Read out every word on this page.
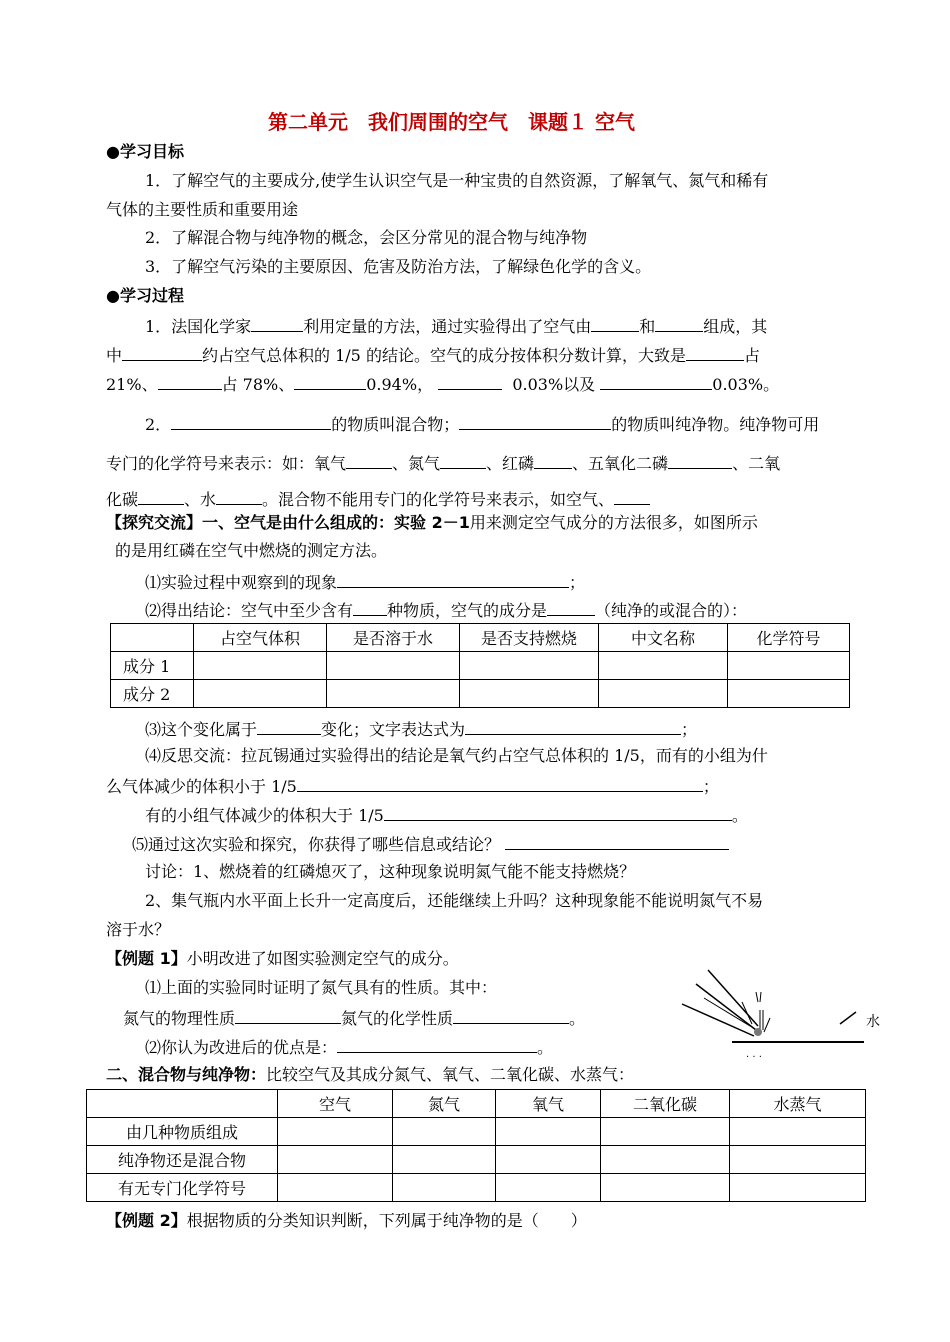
第二单元　我们周围的空气　课题１ 空气
●学习目标
1．了解空气的主要成分,使学生认识空气是一种宝贵的自然资源，了解氧气、氮气和稀有
气体的主要性质和重要用途
2．了解混合物与纯净物的概念，会区分常见的混合物与纯净物
3．了解空气污染的主要原因、危害及防治方法，了解绿色化学的含义。
●学习过程
1．法国化学家	利用定量的方法，通过实验得出了空气由	和	组成，其
中	约占空气总体积的 1/5 的结论。空气的成分按体积分数计算，大致是	占
21%、	占 78%、	0.94%，	0.03%以及	0.03%。
2．	的物质叫混合物；	的物质叫纯净物。纯净物可用
专门的化学符号来表示：如：氧气	、氮气	、红磷 、五氧化二磷	、二氧
化碳	、水	。混合物不能用专门的化学符号来表示，如空气、
【探究交流】一、空气是由什么组成的：实验 2－1用来测定空气成分的方法很多，如图所示
的是用红磷在空气中燃烧的测定方法。
⑴实验过程中观察到的现象	；
⑵得出结论：空气中至少含有 种物质，空气的成分是	（纯净的或混合的）：
	占空气体积	是否溶于水	是否支持燃烧	中文名称	化学符号
成分 1					
成分 2					
⑶这个变化属于	变化；文字表达式为	；
⑷反思交流：拉瓦锡通过实验得出的结论是氧气约占空气总体积的 1/5，而有的小组为什
么气体减少的体积小于 1/5	；
有的小组气体减少的体积大于 1/5	。
⑸通过这次实验和探究，你获得了哪些信息或结论？
讨论：1、燃烧着的红磷熄灭了，这种现象说明氮气能不能支持燃烧？
2、集气瓶内水平面上长升一定高度后，还能继续上升吗？这种现象能不能说明氮气不易
溶于水？
【例题 1】小明改进了如图实验测定空气的成分。
⑴上面的实验同时证明了氮气具有的性质。其中：
氮气的物理性质	氮气的化学性质	。
⑵你认为改进后的优点是：	。
· · ·
水
二、混合物与纯净物：比较空气及其成分氮气、氧气、二氧化碳、水蒸气：
	空气	氮气	氧气	二氧化碳	水蒸气
由几种物质组成					
纯净物还是混合物					
有无专门化学符号					
【例题 2】根据物质的分类知识判断，下列属于纯净物的是（　　）
